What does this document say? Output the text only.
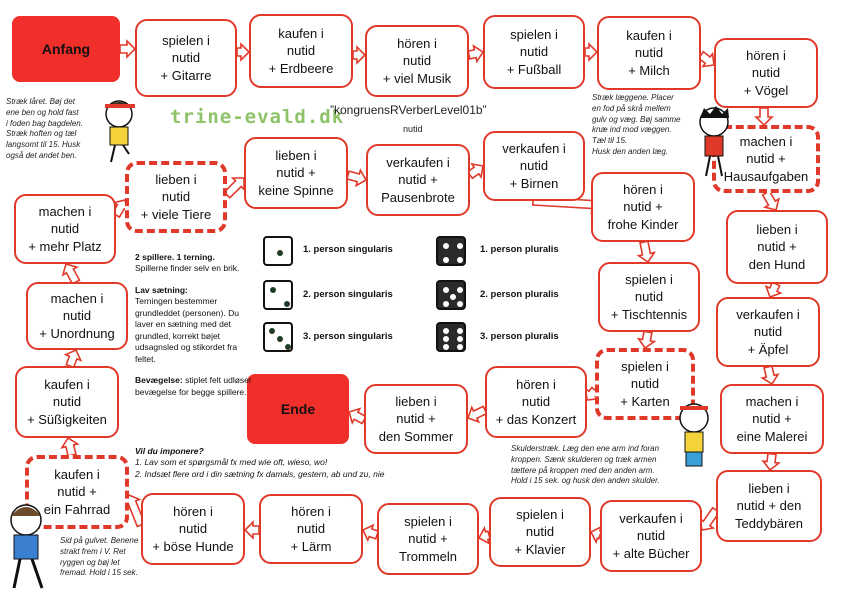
Anfang
Ende
spielen i
nutid
+ Gitarre
kaufen i
nutid
+ Erdbeere
hören i
nutid
+ viel Musik
spielen i
nutid
+ Fußball
kaufen i
nutid
+ Milch
hören i
nutid
+ Vögel
machen i
nutid +
Hausaufgaben
lieben i
nutid +
den Hund
verkaufen i
nutid
+ Äpfel
machen i
nutid +
eine Malerei
lieben i
nutid + den
Teddybären
verkaufen i
nutid
+ alte Bücher
spielen i
nutid
+ Klavier
spielen i
nutid +
Trommeln
hören i
nutid
+ Lärm
hören i
nutid
+ böse Hunde
kaufen i
nutid +
ein Fahrrad
kaufen i
nutid
+ Süßigkeiten
machen i
nutid
+ Unordnung
machen i
nutid
+ mehr Platz
lieben i
nutid
+ viele Tiere
lieben i
nutid +
keine Spinne
verkaufen i
nutid +
Pausenbrote
verkaufen i
nutid
+ Birnen	hören i
nutid +
frohe Kinder
spielen i
nutid
+ Tischtennis
spielen i
nutid
+ Karten
hören i
nutid
+ das Konzert
lieben i
nutid +
den Sommer
trine-evald.dk
”kongruensRVerberLevel01b”
nutid
Stræk låret. Bøj det
ene ben og hold fast
i foden bag bagdelen.
Stræk hoften og tæl
langsomt til 15. Husk
også det andet ben.
Stræk læggene. Placer
en fod på skrå mellem
gulv og væg. Bøj samme
knæ ind mod væggen.
Tæl til 15.
Husk den anden læg.
Skulderstræk. Læg den ene arm ind foran
kroppen. Sænk skulderen og træk armen
tættere på kroppen med den anden arm.
Hold i 15 sek. og husk den anden skulder.
Sid på gulvet. Benene
strakt frem i V. Ret
ryggen og bøj let
fremad. Hold i 15 sek.
2 spillere. 1 terning.
Spillerne finder selv en brik.
Lav sætning:
Terningen bestemmer grundleddet (personen). Du laver en sætning med det grundled, korrekt bøjet udsagnsled og stikordet fra feltet.
Bevægelse: stiplet felt udløser bevægelse for begge spillere.
Vil du imponere?
1. Lav som et spørgsmål fx med wie oft, wieso, wo!
2. Indsæt flere ord i din sætning fx damals, gestern, ab und zu, nie
1. person singularis
2. person singularis
3. person singularis
1. person pluralis
2. person pluralis
3. person pluralis
